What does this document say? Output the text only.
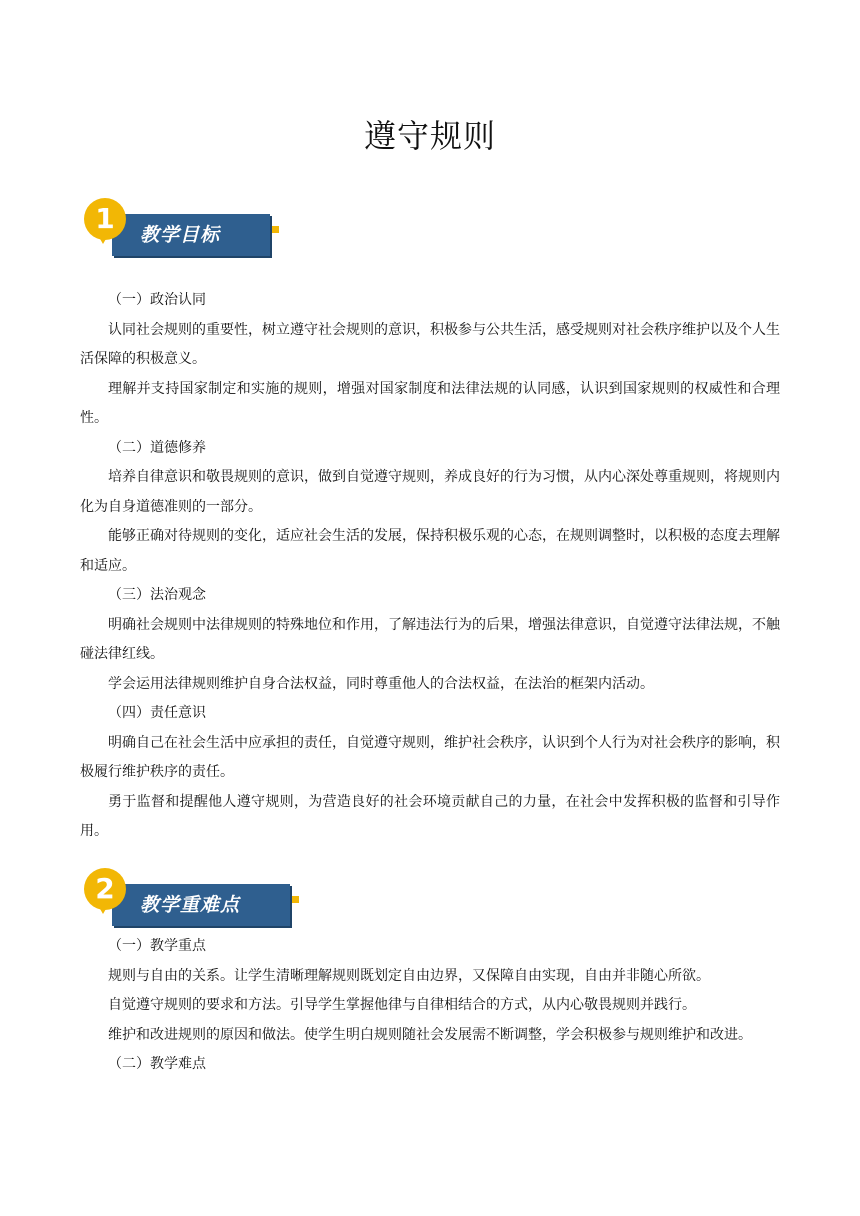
遵守规则
教学目标
1
（一）政治认同
认同社会规则的重要性，树立遵守社会规则的意识，积极参与公共生活，感受规则对社会秩序维护以及个人生活保障的积极意义。
理解并支持国家制定和实施的规则，增强对国家制度和法律法规的认同感，认识到国家规则的权威性和合理性。
（二）道德修养
培养自律意识和敬畏规则的意识，做到自觉遵守规则，养成良好的行为习惯，从内心深处尊重规则，将规则内化为自身道德准则的一部分。
能够正确对待规则的变化，适应社会生活的发展，保持积极乐观的心态，在规则调整时，以积极的态度去理解和适应。
（三）法治观念
明确社会规则中法律规则的特殊地位和作用，了解违法行为的后果，增强法律意识，自觉遵守法律法规，不触碰法律红线。
学会运用法律规则维护自身合法权益，同时尊重他人的合法权益，在法治的框架内活动。
（四）责任意识
明确自己在社会生活中应承担的责任，自觉遵守规则，维护社会秩序，认识到个人行为对社会秩序的影响，积极履行维护秩序的责任。
勇于监督和提醒他人遵守规则，为营造良好的社会环境贡献自己的力量，在社会中发挥积极的监督和引导作用。
教学重难点
2
（一）教学重点
规则与自由的关系。让学生清晰理解规则既划定自由边界，又保障自由实现，自由并非随心所欲。
自觉遵守规则的要求和方法。引导学生掌握他律与自律相结合的方式，从内心敬畏规则并践行。
维护和改进规则的原因和做法。使学生明白规则随社会发展需不断调整，学会积极参与规则维护和改进。
（二）教学难点
